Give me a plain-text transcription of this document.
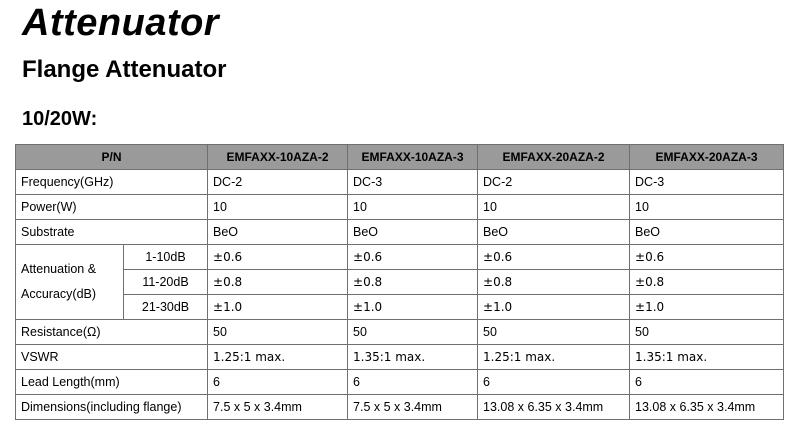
Attenuator
Flange Attenuator
10/20W:
P/N		EMFAXX-10AZA-2	EMFAXX-10AZA-3	EMFAXX-20AZA-2	EMFAXX-20AZA-3
Frequency(GHz)		DC-2	DC-3	DC-2	DC-3
Power(W)		10	10	10	10
Substrate		BeO	BeO	BeO	BeO
Attenuation &
Accuracy(dB)	1-10dB	±0.6	±0.6	±0.6	±0.6
	11-20dB	±0.8	±0.8	±0.8	±0.8
	21-30dB	±1.0	±1.0	±1.0	±1.0
Resistance(Ω)		50	50	50	50
VSWR		1.25:1 max.	1.35:1 max.	1.25:1 max.	1.35:1 max.
Lead Length(mm)		6	6	6	6
Dimensions(including flange)		7.5 x 5 x 3.4mm	7.5 x 5 x 3.4mm	13.08 x 6.35 x 3.4mm	13.08 x 6.35 x 3.4mm
